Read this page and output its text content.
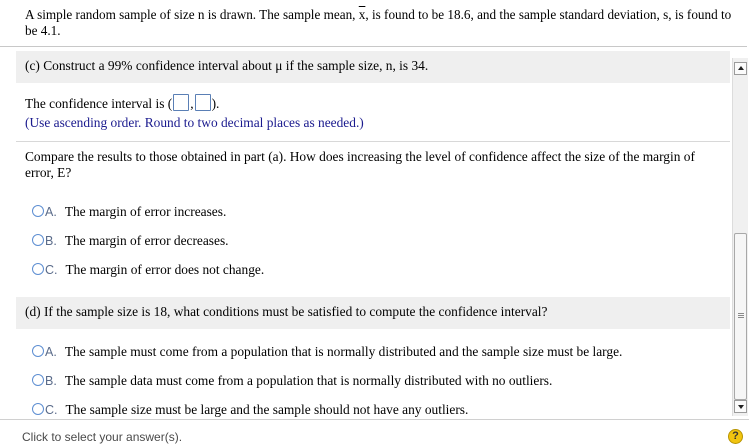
A simple random sample of size n is drawn. The sample mean, $\overline{x}$, is found to be 18.6, and the sample standard deviation, s, is found to be 4.1.
(c) Construct a 99% confidence interval about μ if the sample size, n, is 34.
The confidence interval is ( , ).
(Use ascending order. Round to two decimal places as needed.)
Compare the results to those obtained in part (a). How does increasing the level of confidence affect the size of the margin of error, E?
A. The margin of error increases.
B. The margin of error decreases.
C. The margin of error does not change.
(d) If the sample size is 18, what conditions must be satisfied to compute the confidence interval?
A. The sample must come from a population that is normally distributed and the sample size must be large.
B. The sample data must come from a population that is normally distributed with no outliers.
C. The sample size must be large and the sample should not have any outliers.
Click to select your answer(s).	?
